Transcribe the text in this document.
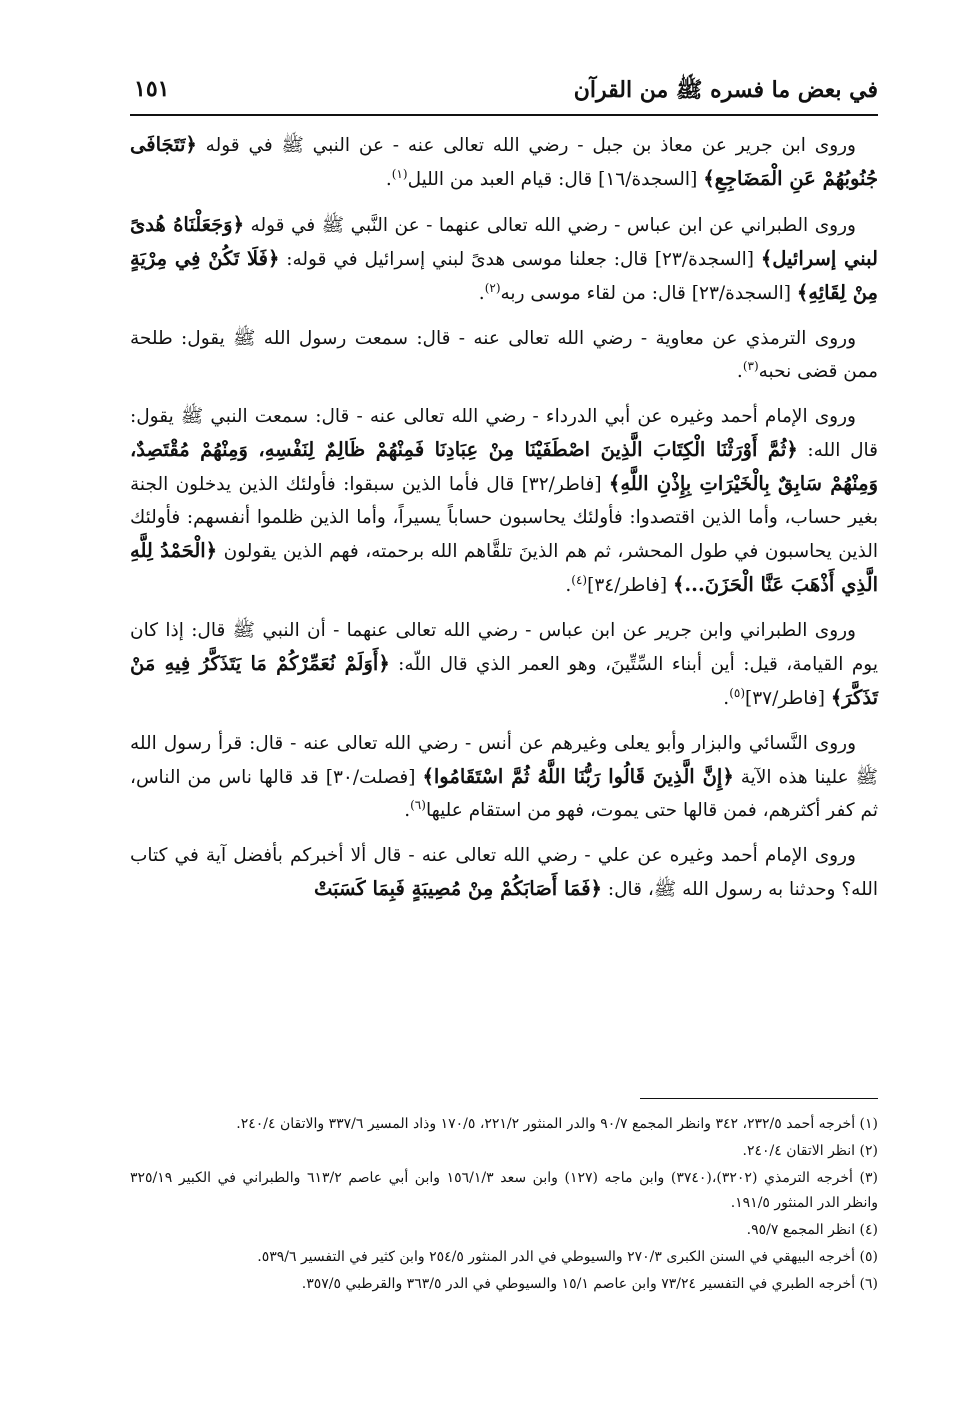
في بعض ما فسره ﷺ من القرآن
١٥١

وروى ابن جرير عن معاذ بن جبل - رضي الله تعالى عنه - عن النبي ﷺ في قوله ﴿تَتَجَافَى جُنُوبُهُمْ عَنِ الْمَضَاجِعِ﴾ [السجدة/١٦] قال: قيام العبد من الليل$^{(١)}$.

وروى الطبراني عن ابن عباس - رضي الله تعالى عنهما - عن النَّبي ﷺ في قوله ﴿وَجَعَلْنَاهُ هُدىً لبني إسرائيل﴾ [السجدة/٢٣] قال: جعلنا موسى هدىً لبني إسرائيل في قوله: ﴿فَلَا تَكُنْ فِي مِرْيَةٍ مِنْ لِقَائِهِ﴾ [السجدة/٢٣] قال: من لقاء موسى ربه$^{(٢)}$.

وروى الترمذي عن معاوية - رضي الله تعالى عنه - قال: سمعت رسول الله ﷺ يقول: طلحة ممن قضى نحبه$^{(٣)}$.

وروى الإمام أحمد وغيره عن أبي الدرداء - رضي الله تعالى عنه - قال: سمعت النبي ﷺ يقول: قال الله: ﴿ثُمَّ أَوْرَثْنَا الْكِتَابَ الَّذِينَ اصْطَفَيْنَا مِنْ عِبَادِنَا فَمِنْهُمْ ظَالِمٌ لِنَفْسِهِ، وَمِنْهُمْ مُقْتَصِدٌ، وَمِنْهُمْ سَابِقٌ بِالْخَيْرَاتِ بِإِذْنِ اللَّهِ﴾ [فاطر/٣٢] قال فأما الذين سبقوا: فأولئك الذين يدخلون الجنة بغير حساب، وأما الذين اقتصدوا: فأولئك يحاسبون حساباً يسيراً، وأما الذين ظلموا أنفسهم: فأولئك الذين يحاسبون في طول المحشر، ثم هم الذينَ تلقَّاهم الله برحمته، فهم الذين يقولون ﴿الْحَمْدُ لِلَّهِ الَّذِي أَذْهَبَ عَنَّا الْحَزَنَ...﴾ [فاطر/٣٤]$^{(٤)}$.

وروى الطبراني وابن جرير عن ابن عباس - رضي الله تعالى عنهما - أن النبي ﷺ قال: إذا كان يوم القيامة، قيل: أين أبناء السِّتِّينَ، وهو العمر الذي قال اللّه: ﴿أَوَلَمْ نُعَمِّرْكُمْ مَا يَتَذَكَّرُ فِيهِ مَنْ تَذَكَّرَ﴾ [فاطر/٣٧]$^{(٥)}$.

وروى النَّسائي والبزار وأبو يعلى وغيرهم عن أنس - رضي الله تعالى عنه - قال: قرأ رسول الله ﷺ علينا هذه الآية ﴿إِنَّ الَّذِينَ قَالُوا رَبُّنَا اللَّهُ ثُمَّ اسْتَقَامُوا﴾ [فصلت/٣٠] قد قالها ناس من الناس، ثم كفر أكثرهم، فمن قالها حتى يموت، فهو من استقام عليها$^{(٦)}$.

وروى الإمام أحمد وغيره عن علي - رضي الله تعالى عنه - قال ألا أخبركم بأفضل آية في كتاب الله؟ وحدثنا به رسول الله ﷺ، قال: ﴿فَمَا أَصَابَكُمْ مِنْ مُصِيبَةٍ فَبِمَا كَسَبَتْ

(١) أخرجه أحمد ٢٣٢/٥، ٣٤٢ وانظر المجمع ٩٠/٧ والدر المنثور ٢٢١/٢، ١٧٠/٥ وذاد المسير ٣٣٧/٦ والاتقان ٢٤٠/٤.

(٢) انظر الاتقان ٢٤٠/٤.

(٣) أخرجه الترمذي (٣٢٠٢)،(٣٧٤٠) وابن ماجه (١٢٧) وابن سعد ١٥٦/١/٣ وابن أبي عاصم ٦١٣/٢ والطبراني في الكبير ٣٢٥/١٩ وانظر الدر المنثور ١٩١/٥.

(٤) انظر المجمع ٩٥/٧.

(٥) أخرجه البيهقي في السنن الكبرى ٢٧٠/٣ والسيوطي في الدر المنثور ٢٥٤/٥ وابن كثير في التفسير ٥٣٩/٦.

(٦) أخرجه الطبري في التفسير ٧٣/٢٤ وابن عاصم ١٥/١ والسيوطي في الدر ٣٦٣/٥ والقرطبي ٣٥٧/٥.
